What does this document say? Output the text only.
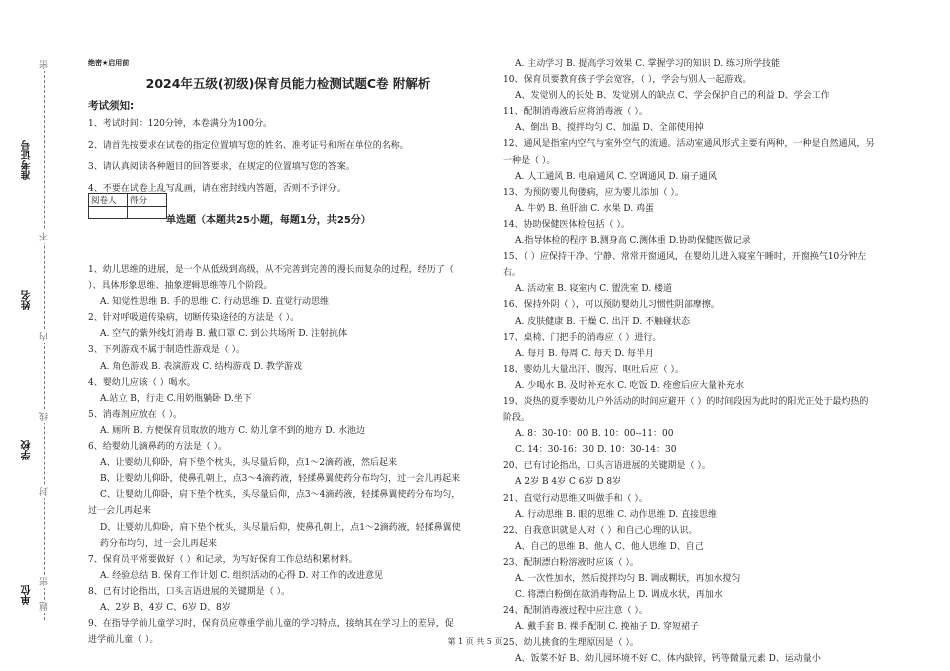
准考证号
姓名
学校
单位
密
不
内
线
封
密
题
绝密★启用前
2024年五级(初级)保育员能力检测试题C卷 附解析
考试须知:
1、考试时间：120分钟，本卷满分为100分。
2、请首先按要求在试卷的指定位置填写您的姓名、准考证号和所在单位的名称。
3、请认真阅读各种题目的回答要求，在规定的位置填写您的答案。
4、不要在试卷上乱写乱画，请在密封线内答题，否则不予评分。
阅卷人	得分

单选题（本题共25小题，每题1分，共25分）
1、幼儿思维的进展，是一个从低级到高级，从不完善到完善的漫长而复杂的过程，经历了（
）、具体形象思维、抽象逻辑思维等几个阶段。
A. 知觉性思维 B. 手的思维 C. 行动思维 D. 直觉行动思维
2、针对呼吸道传染病，切断传染途径的方法是（ ）。
A. 空气的紫外线灯消毒 B. 戴口罩 C. 到公共场所 D. 注射抗体
3、下列游戏不属于制造性游戏是（ ）。
A. 角色游戏 B. 表演游戏 C. 结构游戏 D. 教学游戏
4、婴幼儿应该（ ）喝水。
A.站立 B，行走 C.用奶瓶躺卧 D.坐下
5、消毒剂应放在（ ）。
A. 厕所 B. 方便保育员取放的地方 C. 幼儿拿不到的地方 D. 水池边
6、给婴幼儿滴鼻药的方法是（ ）。
A、让婴幼儿仰卧，肩下垫个枕头，头尽量后仰，点1～2滴药液，然后起来
B、让婴幼儿仰卧，使鼻孔朝上，点3～4滴药液，轻揉鼻翼使药分布均匀，过一会儿再起来
C、让婴幼儿仰卧，肩下垫个枕头，头尽量后仰，点3～4滴药液，轻揉鼻翼使药分布均匀，
过一会儿再起来
D、让婴幼儿仰卧，肩下垫个枕头，头尽量后仰，使鼻孔朝上，点1～2滴药液，轻揉鼻翼使
药分布均匀，过一会儿再起来
7、保育员平常要做好（ ）和记录，为写好保育工作总结积累材料。
A. 经验总结 B. 保育工作计划 C. 组织活动的心得 D. 对工作的改进意见
8、已有讨论指出，口头言语进展的关键期是（ ）。
A、2岁 B、4岁 C、6岁 D、8岁
9、在指导学前儿童学习时，保育员应尊重学前儿童的学习特点，接纳其在学习上的差异，促
进学前儿童（ ）。
A. 主动学习 B. 提高学习效果 C. 掌握学习的知识 D. 练习所学技能
10、保育员要教育孩子学会宽容，（ ），学会与别人一起游戏。
A、发觉别人的长处 B、发觉别人的缺点 C、学会保护自己的利益 D、学会工作
11、配制消毒液后应将消毒液（ ）。
A、倒出 B、搅拌均匀 C、加温 D、全部使用掉
12、通风是指室内空气与室外空气的流通。活动室通风形式主要有两种，一种是自然通风，另
一种是（ ）。
A. 人工通风 B. 电扇通风 C. 空调通风 D. 扇子通风
13、为预防婴儿佝偻病，应为婴儿添加（ ）。
A. 牛奶 B. 鱼肝油 C. 水果 D. 鸡蛋
14、协助保健医体检包括（ ）。
A.指导体检的程序 B.测身高 C.测体重 D.协助保健医做记录
15、（ ）应保持干净、宁静、常常开窗通风，在婴幼儿进入寝室午睡时，开窗换气10分钟左
右。
A. 活动室 B. 寝室内 C. 盥洗室 D. 楼道
16、保持外阴（ ），可以预防婴幼儿习惯性阴部摩擦。
A. 皮肤健康 B. 干燥 C. 出汗 D. 不触碰状态
17、桌椅、门把手的消毒应（ ）进行。
A. 每月 B. 每周 C. 每天 D. 每半月
18、婴幼儿大量出汗、腹泻、呕吐后应（ ）。
A. 少喝水 B. 及时补充水 C. 吃饭 D. 痊愈后应大量补充水
19、炎热的夏季婴幼儿户外活动的时间应避开（ ）的时间段因为此时的阳光正处于最灼热的
阶段。
A. 8：30-10：00 B. 10：00--11：00
C. 14：30-16：30 D. 10：30-14：30
20、已有讨论指出，口头言语进展的关键期是（ ）。
A 2岁 B 4岁 C 6岁 D 8岁
21、直觉行动思维又叫做手和（ ）。
A. 行动思维 B. 眼的思维 C. 动作思维 D. 直接思维
22、自我意识就是人对（ ）和自己心理的认识。
A、自己的思维 B、他人 C、他人思维 D、自己
23、配制漂白粉溶液时应该（ ）。
A. 一次性加水，然后搅拌均匀 B. 调成糊状，再加水搅匀
C. 将漂白粉倒在欲消毒物品上 D. 调成水状，再加水
24、配制消毒液过程中应注意（ ）。
A. 戴手套 B. 裸手配制 C. 挽袖子 D. 穿短裙子
25、幼儿挑食的生理原因是（ ）。
A、饭菜不好 B、幼儿园环境不好 C、体内缺锌，钙等微量元素 D、运动量小
第 1 页 共 5 页
